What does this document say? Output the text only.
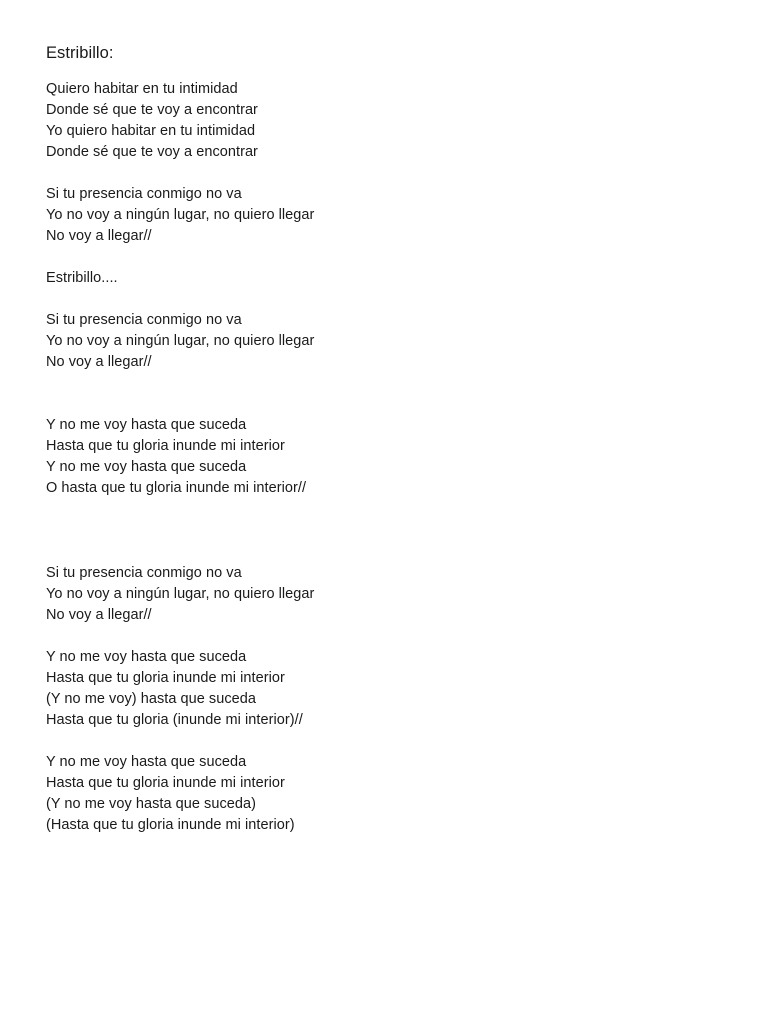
Estribillo:
Quiero habitar en tu intimidad
Donde sé que te voy a encontrar
Yo quiero habitar en tu intimidad
Donde sé que te voy a encontrar
Si tu presencia conmigo no va
Yo no voy a ningún lugar, no quiero llegar
No voy a llegar//
Estribillo....
Si tu presencia conmigo no va
Yo no voy a ningún lugar, no quiero llegar
No voy a llegar//
Y no me voy hasta que suceda
Hasta que tu gloria inunde mi interior
Y no me voy hasta que suceda
O hasta que tu gloria inunde mi interior//
Si tu presencia conmigo no va
Yo no voy a ningún lugar, no quiero llegar
No voy a llegar//
Y no me voy hasta que suceda
Hasta que tu gloria inunde mi interior
(Y no me voy) hasta que suceda
Hasta que tu gloria (inunde mi interior)//
Y no me voy hasta que suceda
Hasta que tu gloria inunde mi interior
(Y no me voy hasta que suceda)
(Hasta que tu gloria inunde mi interior)
